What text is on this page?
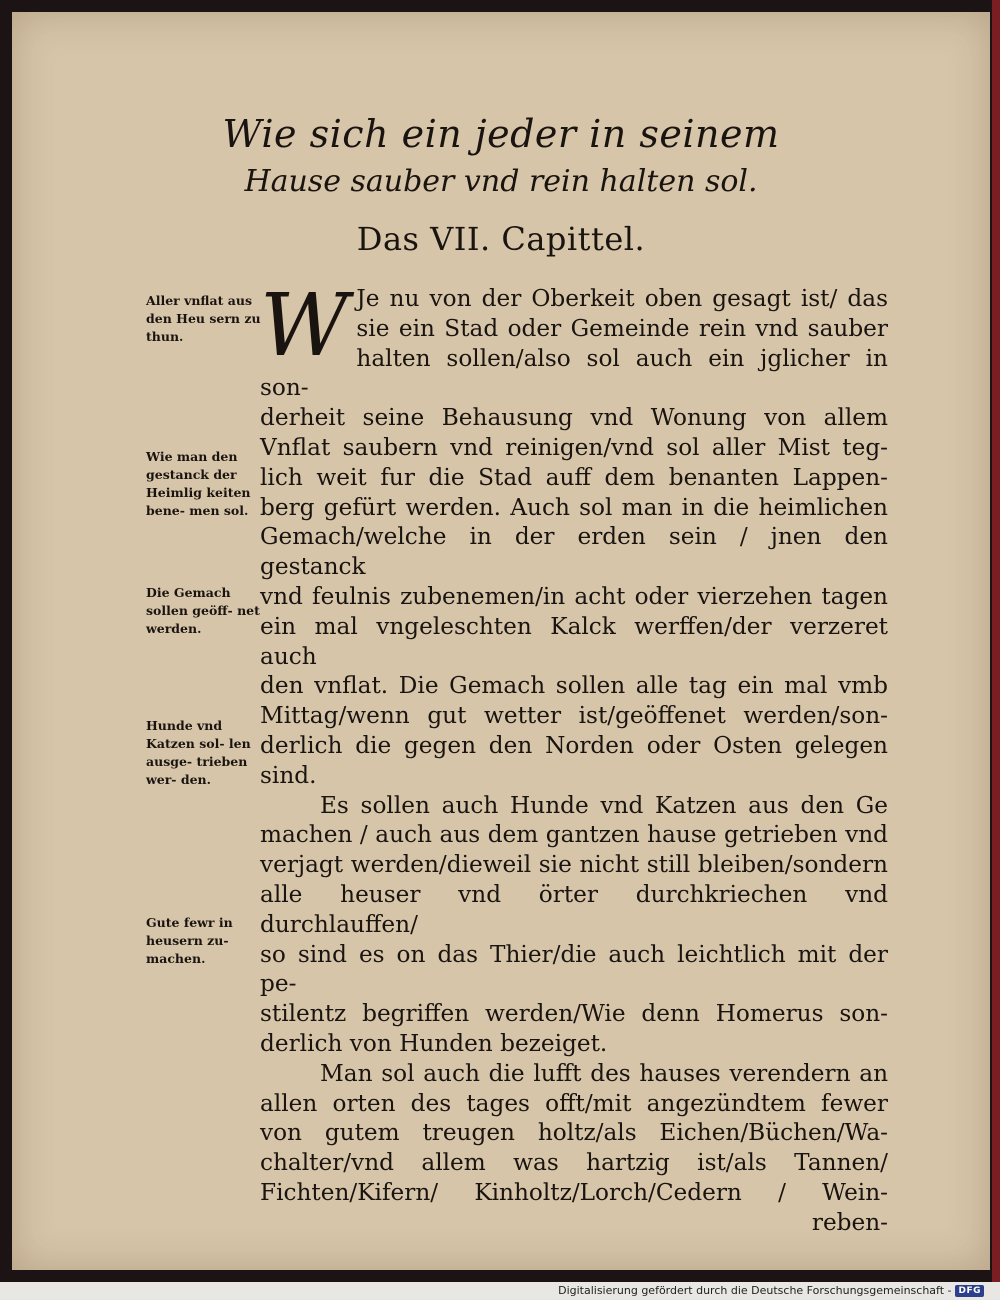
Wie sich ein jeder in seinem
Hause sauber vnd rein halten sol.
Das VII. Capittel.
Aller vnflat aus den Heu sern zu thun.
Wie man den gestanck der Heimlig keiten bene- men sol.
Die Gemach sollen geöff- net werden.
Hunde vnd Katzen sol- len ausge- trieben wer- den.
Gute fewr in heusern zu- machen.
W Je nu von der Oberkeit oben gesagt ist/ das

sie ein Stad oder Gemeinde rein vnd sauber

halten sollen/also sol auch ein jglicher in son-

derheit seine Behausung vnd Wonung von allem

Vnflat saubern vnd reinigen/vnd sol aller Mist teg-

lich weit fur die Stad auff dem benanten Lappen-

berg gefürt werden. Auch sol man in die heimlichen

Gemach/welche in der erden sein / jnen den gestanck

vnd feulnis zubenemen/in acht oder vierzehen tagen

ein mal vngeleschten Kalck werffen/der verzeret auch

den vnflat. Die Gemach sollen alle tag ein mal vmb

Mittag/wenn gut wetter ist/geöffenet werden/son-

derlich die gegen den Norden oder Osten gelegen

sind.

Es sollen auch Hunde vnd Katzen aus den Ge

machen / auch aus dem gantzen hause getrieben vnd

verjagt werden/dieweil sie nicht still bleiben/sondern

alle heuser vnd örter durchkriechen vnd durchlauffen/

so sind es on das Thier/die auch leichtlich mit der pe-

stilentz begriffen werden/Wie denn Homerus son-

derlich von Hunden bezeiget.

Man sol auch die lufft des hauses verendern an

allen orten des tages offt/mit angezündtem fewer

von gutem treugen holtz/als Eichen/Büchen/Wa-

chalter/vnd allem was hartzig ist/als Tannen/

Fichten/Kifern/ Kinholtz/Lorch/Cedern / Wein-

reben-

Digitalisierung gefördert durch die Deutsche Forschungsgemeinschaft - DFG
